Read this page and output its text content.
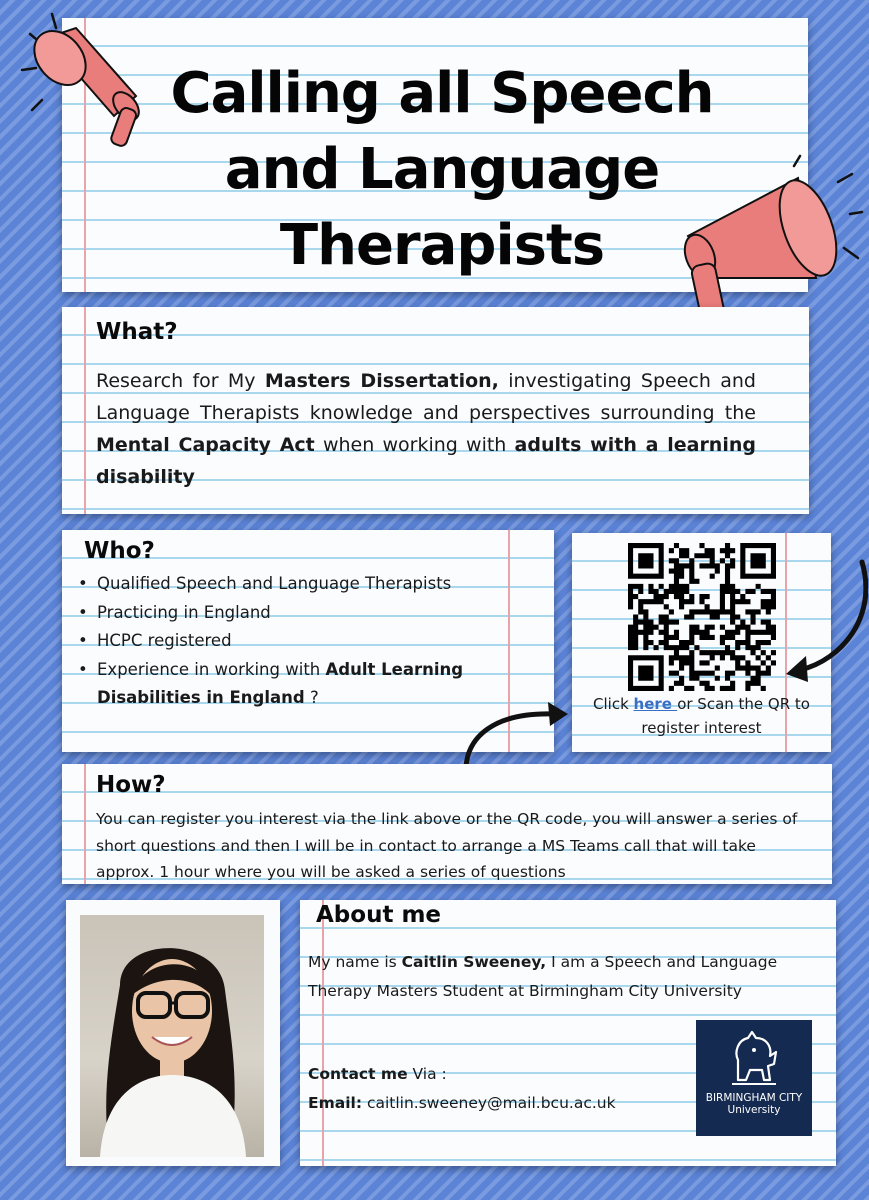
Calling all Speech and Language Therapists
What?

Research for My Masters Dissertation, investigating Speech and Language Therapists knowledge and perspectives surrounding the Mental Capacity Act when working with adults with a learning disability

Who?
• Qualified Speech and Language Therapists
• Practicing in England
• HCPC registered
• Experience in working with Adult Learning Disabilities in England ?	Click here or Scan the QR to register interest

How?

You can register you interest via the link above or the QR code, you will answer a series of short questions and then I will be in contact to arrange a MS Teams call that will take approx. 1 hour where you will be asked a series of questions

About me

My name is Caitlin Sweeney, I am a Speech and Language Therapy Masters Student at Birmingham City University

Contact me Via :

Email: caitlin.sweeney@mail.bcu.ac.uk	BIRMINGHAM CITY
University
